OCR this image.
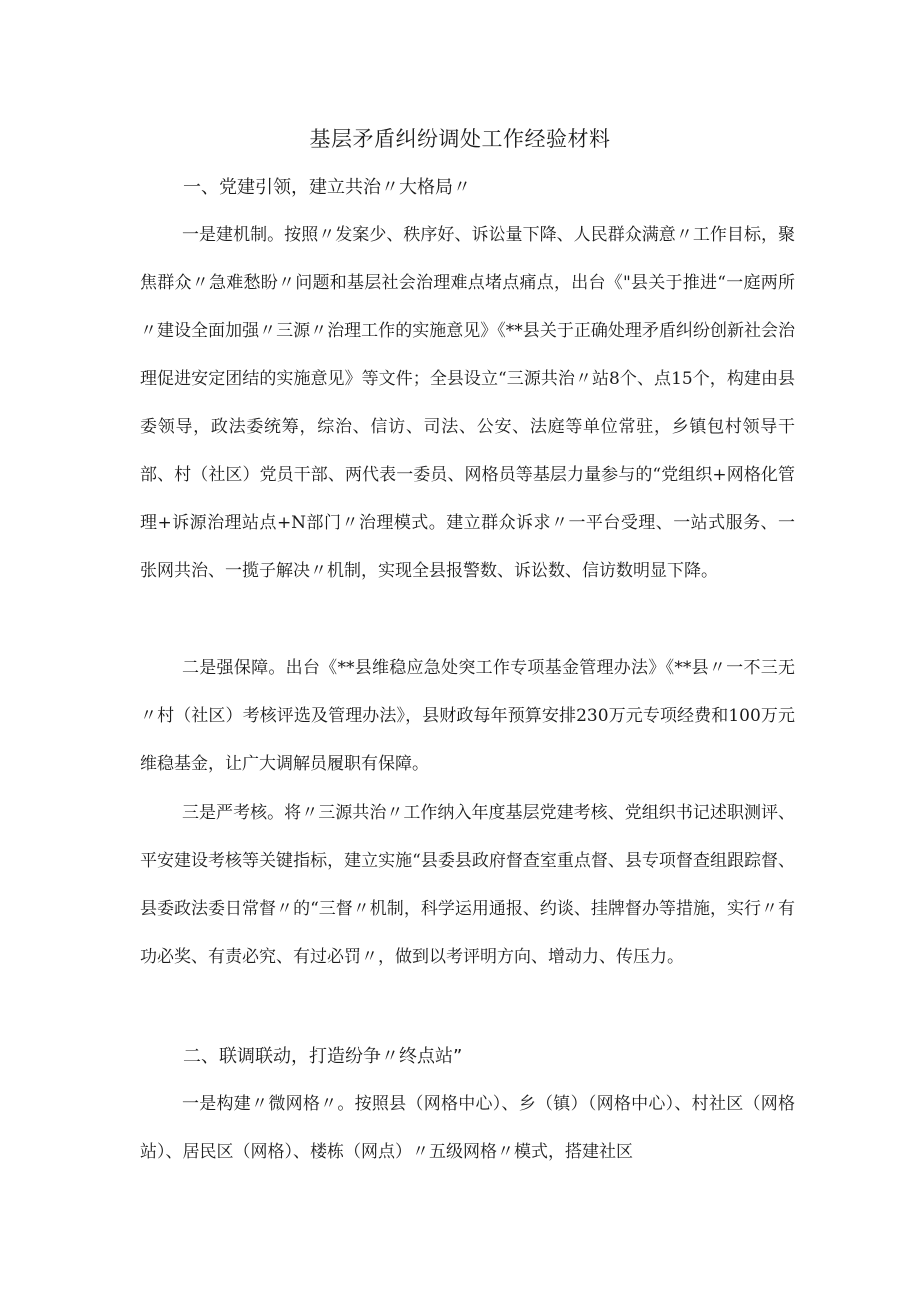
基层矛盾纠纷调处工作经验材料
一、党建引领，建立共治〃大格局〃

一是建机制。按照〃发案少、秩序好、诉讼量下降、人民群众满意〃工作目标，聚焦群众〃急难愁盼〃问题和基层社会治理难点堵点痛点，出台《"县关于推进“一庭两所〃建设全面加强〃三源〃治理工作的实施意见》《**县关于正确处理矛盾纠纷创新社会治理促进安定团结的实施意见》等文件；全县设立“三源共治〃站8个、点15个，构建由县委领导，政法委统筹，综治、信访、司法、公安、法庭等单位常驻，乡镇包村领导干部、村（社区）党员干部、两代表一委员、网格员等基层力量参与的“党组织+网格化管理+诉源治理站点+N部门〃治理模式。建立群众诉求〃一平台受理、一站式服务、一张网共治、一揽子解决〃机制，实现全县报警数、诉讼数、信访数明显下降。

二是强保障。出台《**县维稳应急处突工作专项基金管理办法》《**县〃一不三无〃村（社区）考核评选及管理办法》，县财政每年预算安排230万元专项经费和100万元维稳基金，让广大调解员履职有保障。

三是严考核。将〃三源共治〃工作纳入年度基层党建考核、党组织书记述职测评、平安建设考核等关键指标，建立实施“县委县政府督查室重点督、县专项督查组跟踪督、县委政法委日常督〃的“三督〃机制，科学运用通报、约谈、挂牌督办等措施，实行〃有功必奖、有责必究、有过必罚〃，做到以考评明方向、增动力、传压力。

二、联调联动，打造纷争〃终点站”

一是构建〃微网格〃。按照县（网格中心）、乡（镇）（网格中心）、村社区（网格站）、居民区（网格）、楼栋（网点）〃五级网格〃模式，搭建社区
